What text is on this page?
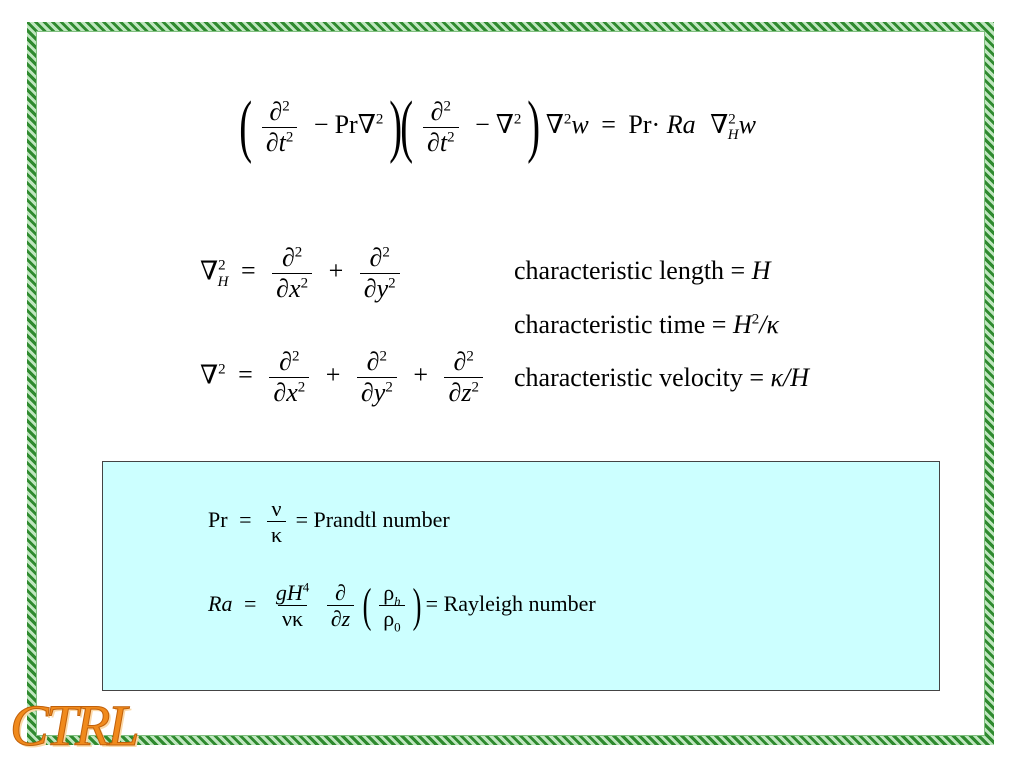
( $\frac{\partial^2}{\partial t^2} - Pr\nabla^2$ )( $\frac{\partial^2}{\partial t^2} - \nabla^2$ ) ∇$^2$w = Pr· Ra ∇$^2_H$w
$\nabla^2_H = \frac{\partial^2}{\partial x^2} + \frac{\partial^2}{\partial y^2}$
$\nabla^2 = \frac{\partial^2}{\partial x^2} + \frac{\partial^2}{\partial y^2} + \frac{\partial^2}{\partial z^2}$
characteristic length = H
characteristic time = $H^2/\kappa$
characteristic velocity = κ/H
$Pr = \frac{\nu}{\kappa}$ = Prandtl number
$Ra = \frac{gH^4}{\nu\kappa}$
$\frac{\partial}{\partial z}$ ( $\frac{\rho_h}{\rho_0}$ ) = Rayleigh number
CTRL
